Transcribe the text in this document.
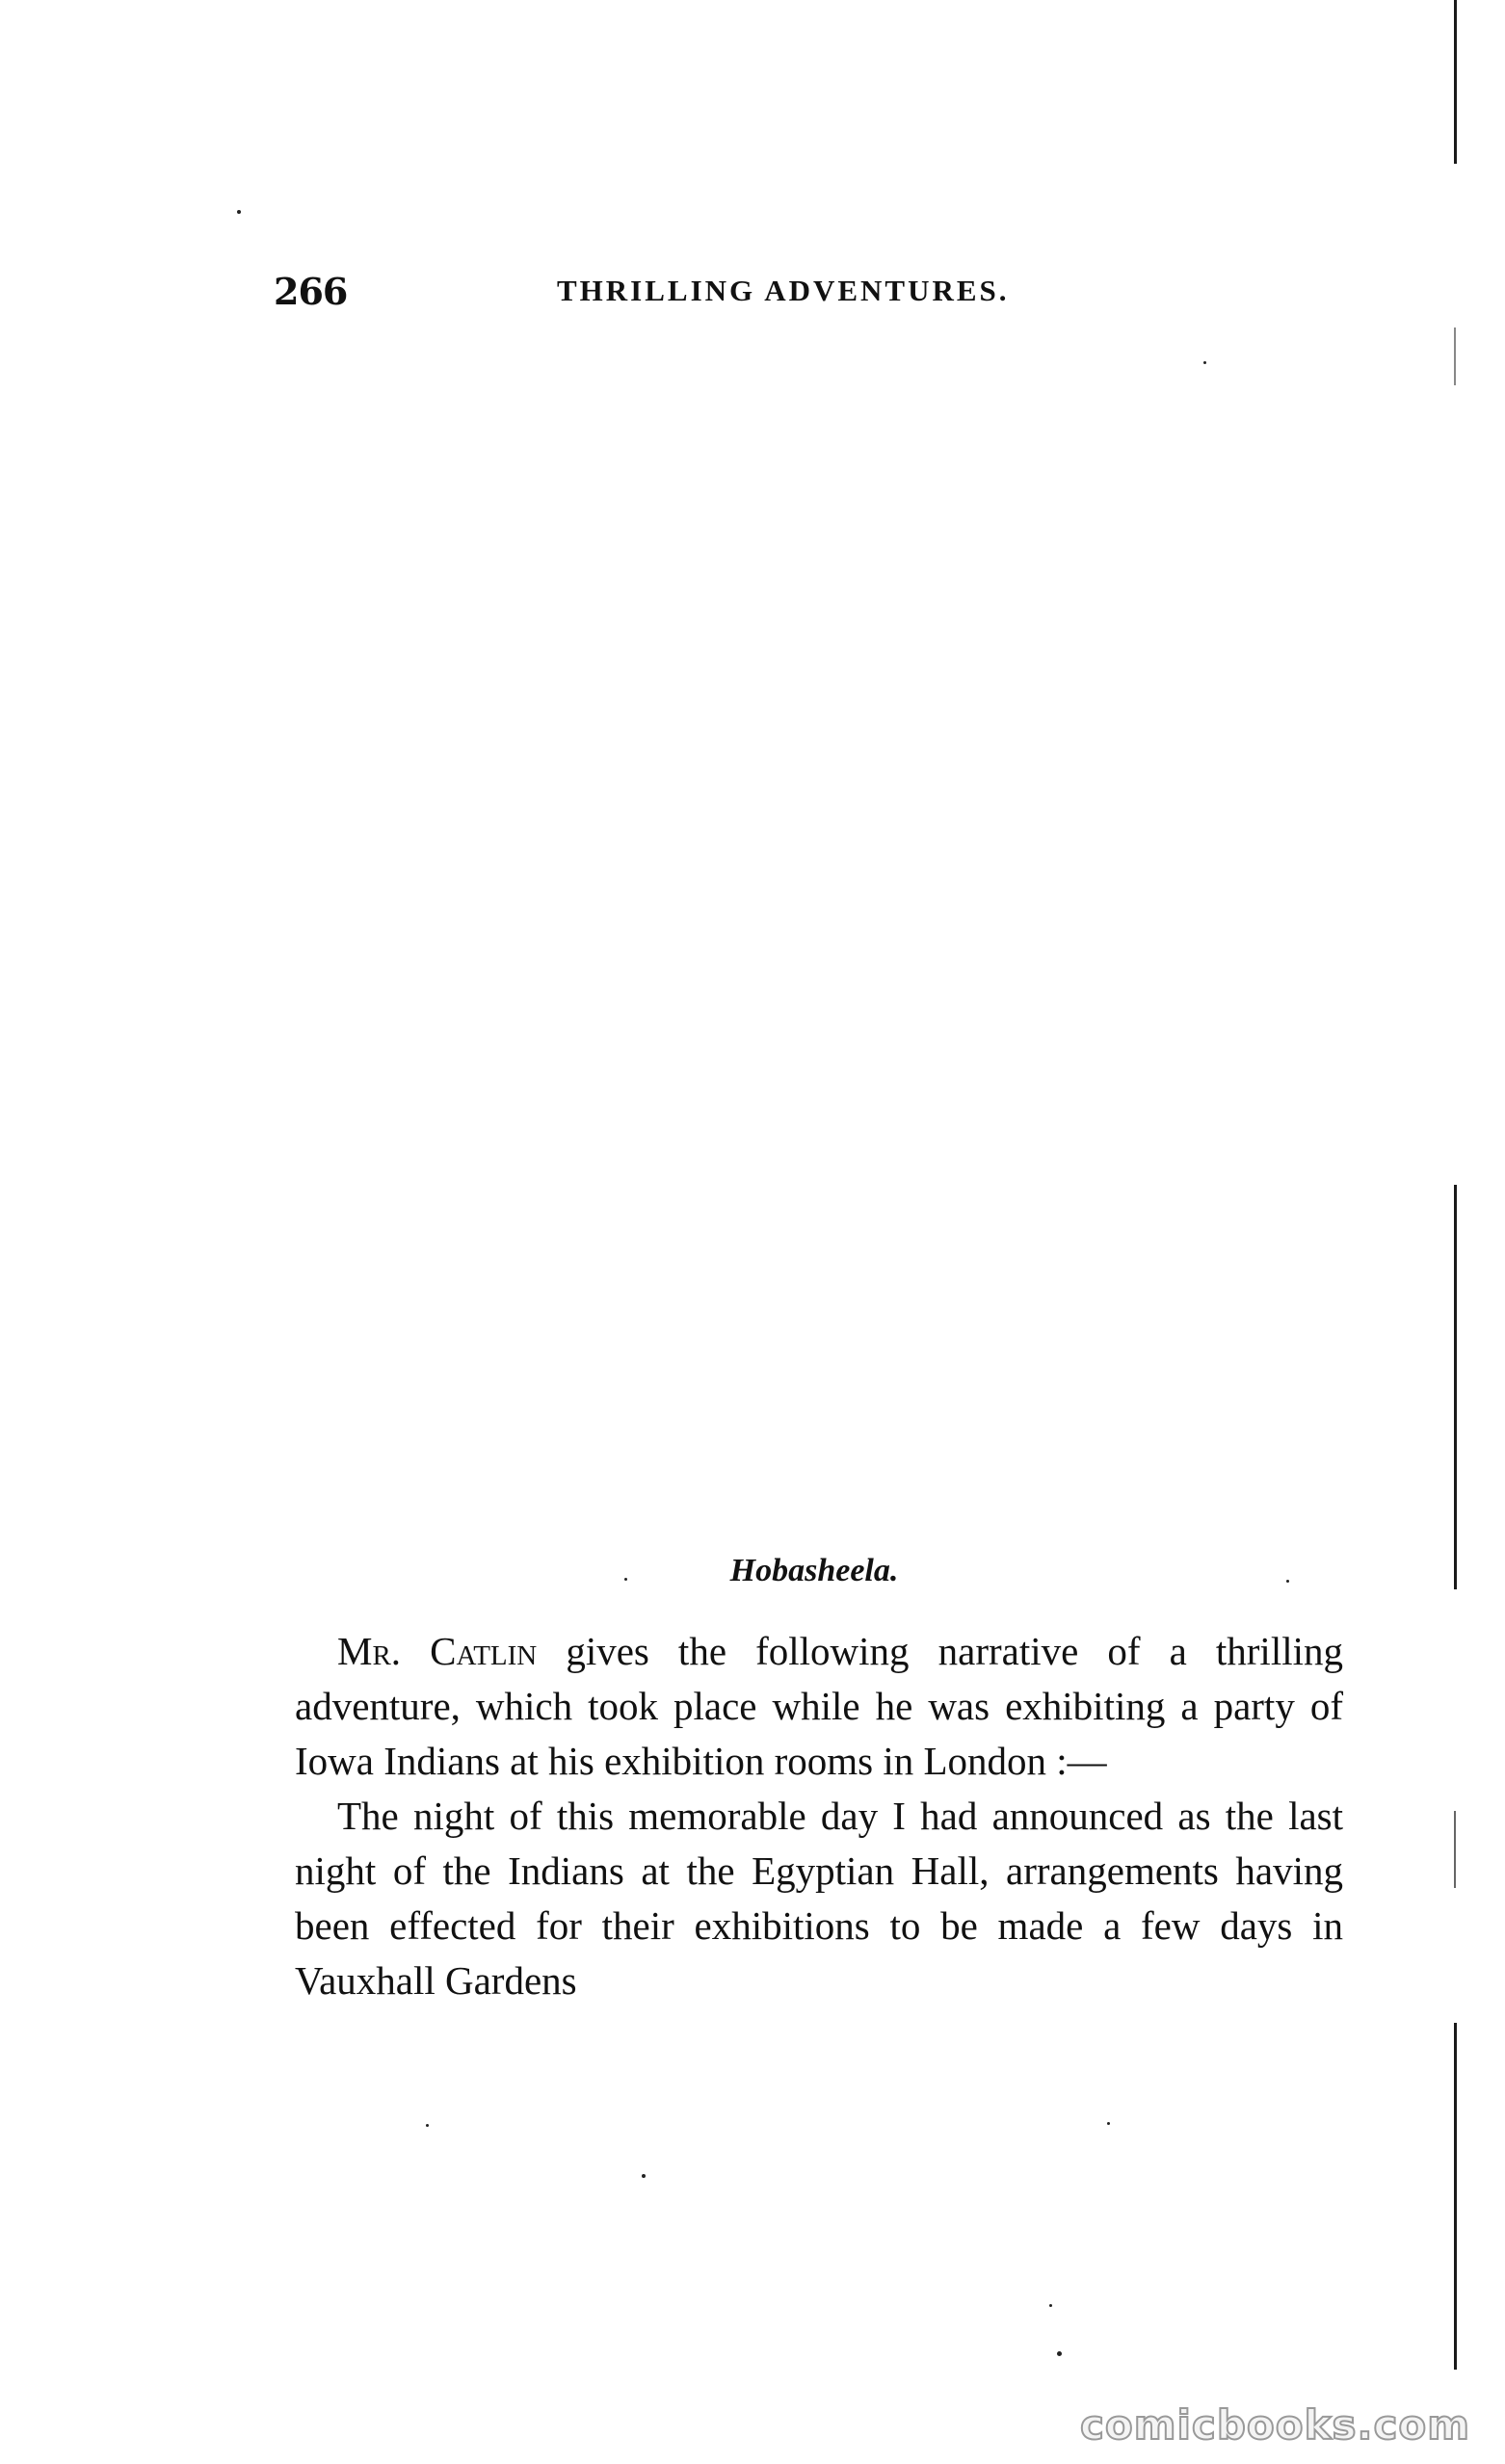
266	THRILLING ADVENTURES.
Hobasheela.

Mr. Catlin gives the following narrative of a thrilling adventure, which took place while he was exhibiting a party of Iowa Indians at his exhibition rooms in London :—

The night of this memorable day I had announced as the last night of the Indians at the Egyptian Hall, arrangements having been effected for their exhibitions to be made a few days in Vauxhall Gardens

comicbooks.com
